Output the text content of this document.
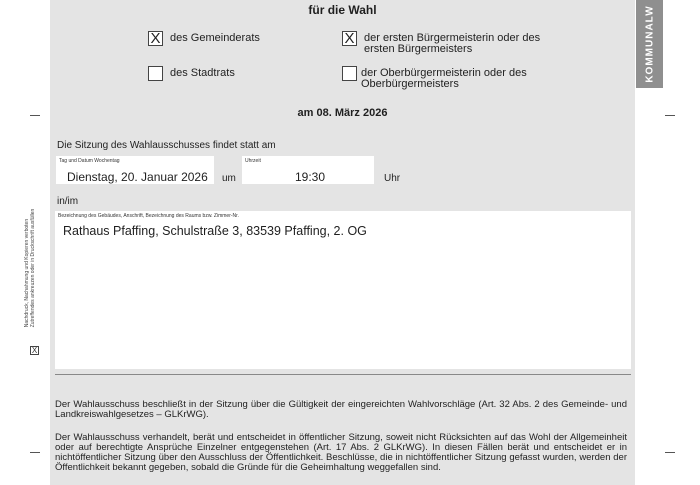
für die Wahl
X des Gemeinderats	X der ersten Bürgermeisterin oder des ersten Bürgermeisters
des Stadtrats	der Oberbürgermeisterin oder des Oberbürgermeisters
am 08. März 2026
Die Sitzung des Wahlausschusses findet statt am
Tag und Datum Wochentag
Dienstag, 20. Januar 2026 um
Uhrzeit
19:30	Uhr
in/im
Bezeichnung des Gebäudes, Anschrift, Bezeichnung des Raums bzw. Zimmer-Nr.
Rathaus Pfaffing, Schulstraße 3, 83539 Pfaffing, 2. OG
Der Wahlausschuss beschließt in der Sitzung über die Gültigkeit der eingereichten Wahlvorschläge (Art. 32 Abs. 2 des Gemeinde- und Landkreiswahlgesetzes – GLKrWG).
Der Wahlausschuss verhandelt, berät und entscheidet in öffentlicher Sitzung, soweit nicht Rücksichten auf das Wohl der Allgemeinheit oder auf berechtigte Ansprüche Einzelner entgegenstehen (Art. 17 Abs. 2 GLKrWG). In diesen Fällen berät und entscheidet er in nichtöffentlicher Sitzung über den Ausschluss der Öffentlichkeit. Beschlüsse, die in nichtöffentlicher Sitzung gefasst wurden, werden der Öffentlichkeit bekannt gegeben, sobald die Gründe für die Geheimhaltung weggefallen sind.
KOMMUNALW
Nachdruck, Nachahmung und Kopieren verboten Zutreffendes ankreuzen oder in Druckschrift ausfüllen
X
